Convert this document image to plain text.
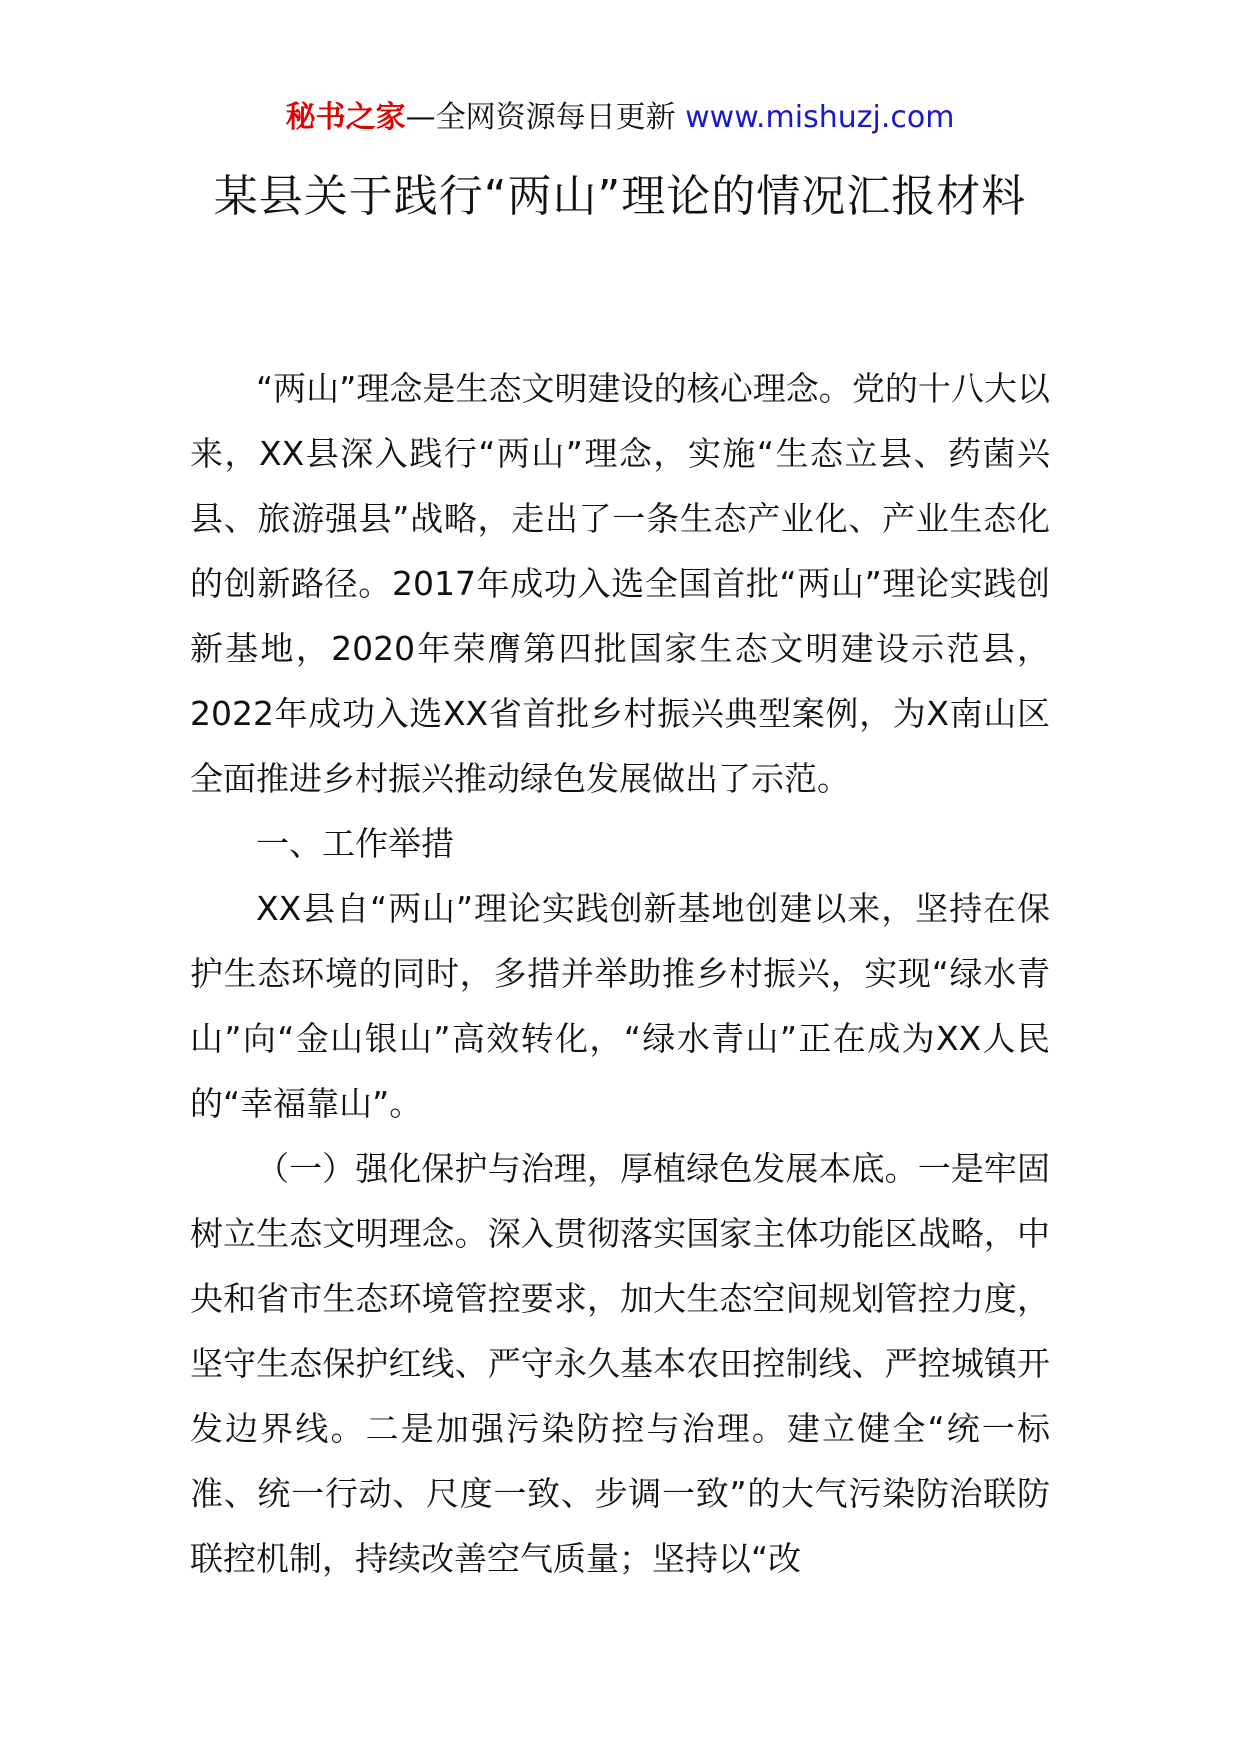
秘书之家—全网资源每日更新 www.mishuzj.com
某县关于践行“两山”理论的情况汇报材料

“两山”理念是生态文明建设的核心理念。党的十八大以来，XX县深入践行“两山”理念，实施“生态立县、药菌兴县、旅游强县”战略，走出了一条生态产业化、产业生态化的创新路径。2017年成功入选全国首批“两山”理论实践创新基地，2020年荣膺第四批国家生态文明建设示范县，2022年成功入选XX省首批乡村振兴典型案例，为X南山区全面推进乡村振兴推动绿色发展做出了示范。

一、工作举措

XX县自“两山”理论实践创新基地创建以来，坚持在保护生态环境的同时，多措并举助推乡村振兴，实现“绿水青山”向“金山银山”高效转化，“绿水青山”正在成为XX人民的“幸福靠山”。

（一）强化保护与治理，厚植绿色发展本底。一是牢固树立生态文明理念。深入贯彻落实国家主体功能区战略，中央和省市生态环境管控要求，加大生态空间规划管控力度，坚守生态保护红线、严守永久基本农田控制线、严控城镇开发边界线。二是加强污染防控与治理。建立健全“统一标准、统一行动、尺度一致、步调一致”的大气污染防治联防联控机制，持续改善空气质量；坚持以“改
